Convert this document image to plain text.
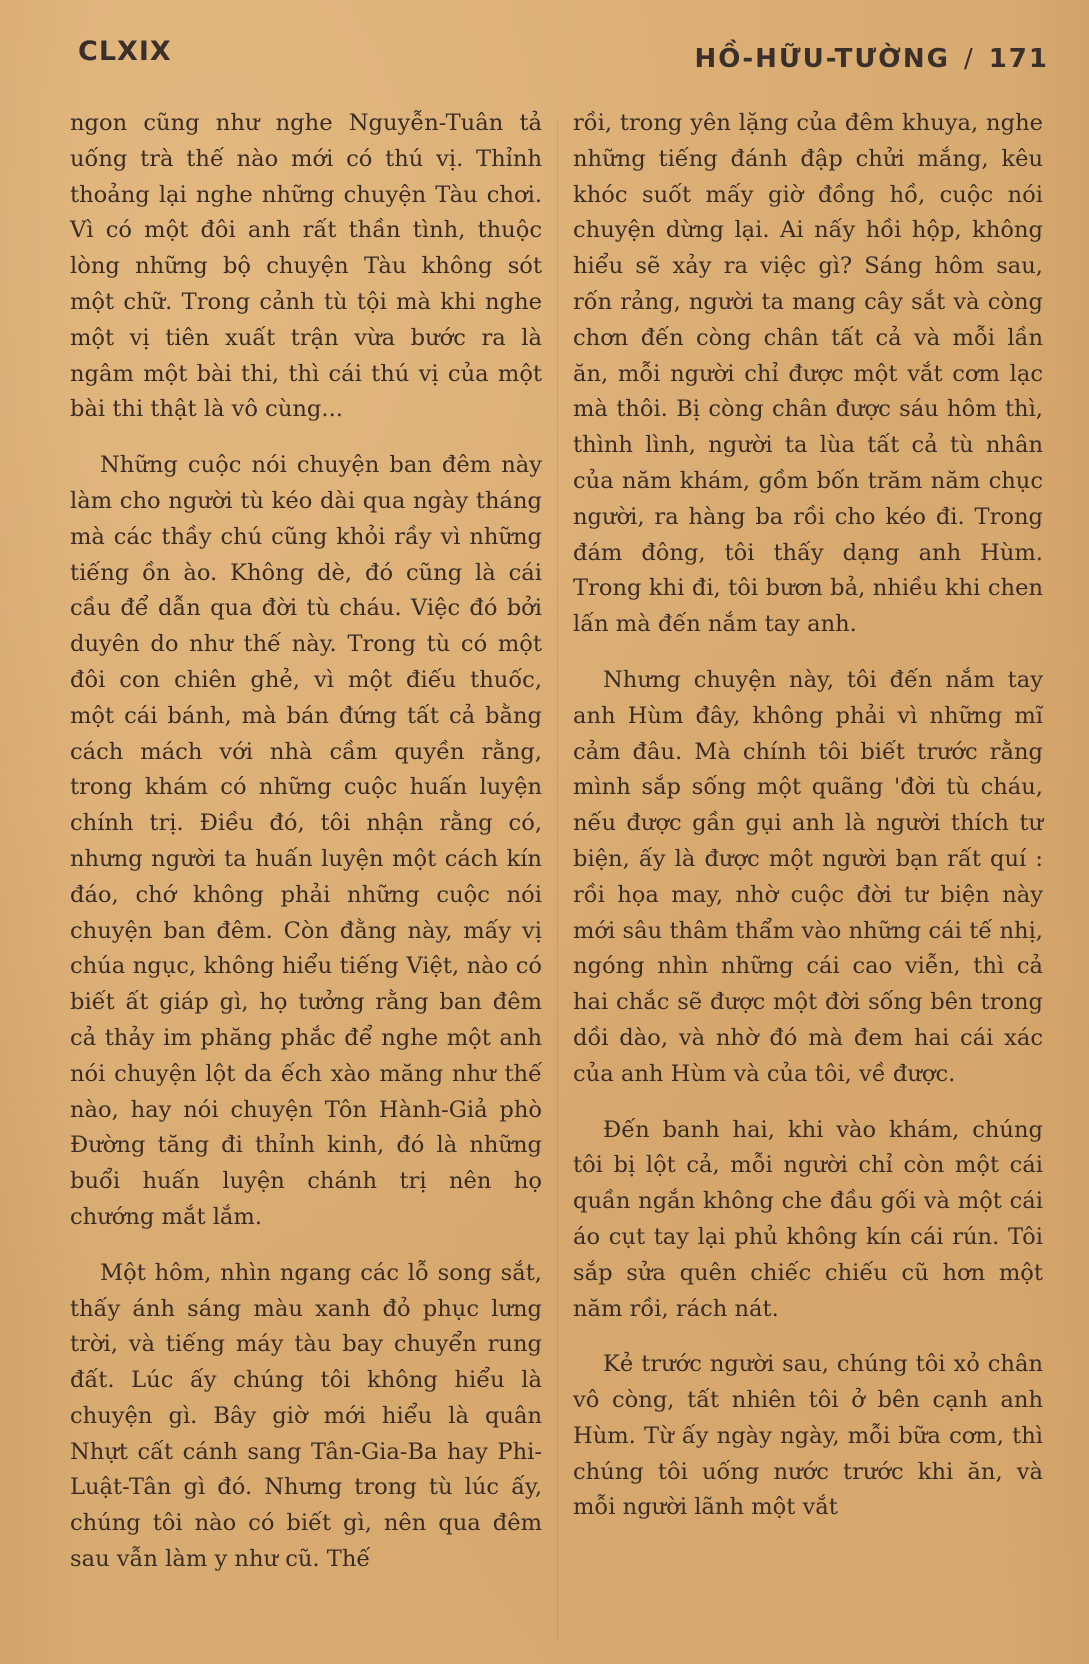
CLXIX	HỒ-HỮU-TƯỜNG / 171

ngon cũng như nghe Nguyễn-Tuân tả uống trà thế nào mới có thú vị. Thỉnh thoảng lại nghe những chuyện Tàu chơi. Vì có một đôi anh rất thần tình, thuộc lòng những bộ chuyện Tàu không sót một chữ. Trong cảnh tù tội mà khi nghe một vị tiên xuất trận vừa bước ra là ngâm một bài thi, thì cái thú vị của một bài thi thật là vô cùng...

Những cuộc nói chuyện ban đêm này làm cho người tù kéo dài qua ngày tháng mà các thầy chú cũng khỏi rầy vì những tiếng ồn ào. Không dè, đó cũng là cái cầu để dẫn qua đời tù cháu. Việc đó bởi duyên do như thế này. Trong tù có một đôi con chiên ghẻ, vì một điếu thuốc, một cái bánh, mà bán đứng tất cả bằng cách mách với nhà cầm quyền rằng, trong khám có những cuộc huấn luyện chính trị. Điều đó, tôi nhận rằng có, nhưng người ta huấn luyện một cách kín đáo, chớ không phải những cuộc nói chuyện ban đêm. Còn đằng này, mấy vị chúa ngục, không hiểu tiếng Việt, nào có biết ất giáp gì, họ tưởng rằng ban đêm cả thảy im phăng phắc để nghe một anh nói chuyện lột da ếch xào măng như thế nào, hay nói chuyện Tôn Hành-Giả phò Đường tăng đi thỉnh kinh, đó là những buổi huấn luyện chánh trị nên họ chướng mắt lắm.

Một hôm, nhìn ngang các lỗ song sắt, thấy ánh sáng màu xanh đỏ phục lưng trời, và tiếng máy tàu bay chuyển rung đất. Lúc ấy chúng tôi không hiểu là chuyện gì. Bây giờ mới hiểu là quân Nhựt cất cánh sang Tân-Gia-Ba hay Phi-Luật-Tân gì đó. Nhưng trong tù lúc ấy, chúng tôi nào có biết gì, nên qua đêm sau vẫn làm y như cũ. Thế

rồi, trong yên lặng của đêm khuya, nghe những tiếng đánh đập chửi mắng, kêu khóc suốt mấy giờ đồng hồ, cuộc nói chuyện dừng lại. Ai nấy hồi hộp, không hiểu sẽ xảy ra việc gì? Sáng hôm sau, rốn rảng, người ta mang cây sắt và còng chơn đến còng chân tất cả và mỗi lần ăn, mỗi người chỉ được một vắt cơm lạc mà thôi. Bị còng chân được sáu hôm thì, thình lình, người ta lùa tất cả tù nhân của năm khám, gồm bốn trăm năm chục người, ra hàng ba rồi cho kéo đi. Trong đám đông, tôi thấy dạng anh Hùm. Trong khi đi, tôi bươn bả, nhiều khi chen lấn mà đến nắm tay anh.

Nhưng chuyện này, tôi đến nắm tay anh Hùm đây, không phải vì những mĩ cảm đâu. Mà chính tôi biết trước rằng mình sắp sống một quãng 'đời tù cháu, nếu được gần gụi anh là người thích tư biện, ấy là được một người bạn rất quí : rồi họa may, nhờ cuộc đời tư biện này mới sâu thâm thẩm vào những cái tế nhị, ngóng nhìn những cái cao viễn, thì cả hai chắc sẽ được một đời sống bên trong dồi dào, và nhờ đó mà đem hai cái xác của anh Hùm và của tôi, về được.

Đến banh hai, khi vào khám, chúng tôi bị lột cả, mỗi người chỉ còn một cái quần ngắn không che đầu gối và một cái áo cụt tay lại phủ không kín cái rún. Tôi sắp sửa quên chiếc chiếu cũ hơn một năm rồi, rách nát.

Kẻ trước người sau, chúng tôi xỏ chân vô còng, tất nhiên tôi ở bên cạnh anh Hùm. Từ ấy ngày ngày, mỗi bữa cơm, thì chúng tôi uống nước trước khi ăn, và mỗi người lãnh một vắt
